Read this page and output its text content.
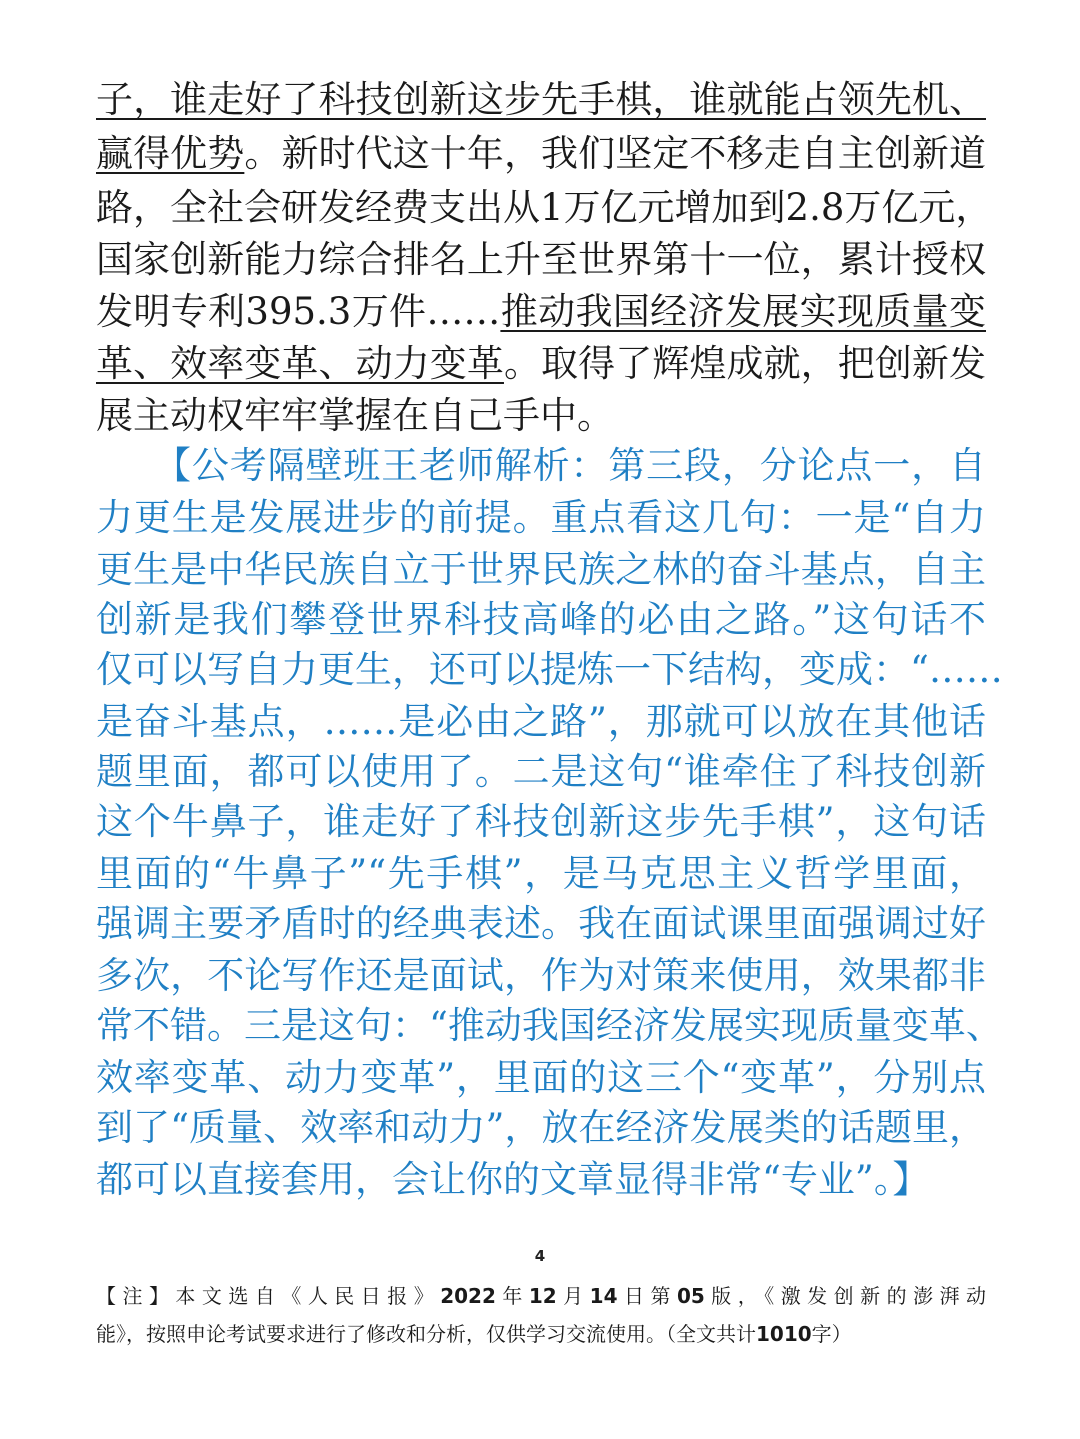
子，谁走好了科技创新这步先手棋，谁就能占领先机、

赢得优势。新时代这十年，我们坚定不移走自主创新道

路，全社会研发经费支出从1万亿元增加到2.8万亿元，

国家创新能力综合排名上升至世界第十一位，累计授权

发明专利395.3万件……推动我国经济发展实现质量变

革、效率变革、动力变革。取得了辉煌成就，把创新发

展主动权牢牢掌握在自己手中。

【公考隔壁班王老师解析：第三段，分论点一，自

力更生是发展进步的前提。重点看这几句：一是“自力

更生是中华民族自立于世界民族之林的奋斗基点，自主

创新是我们攀登世界科技高峰的必由之路。”这句话不

仅可以写自力更生，还可以提炼一下结构，变成：“……

是奋斗基点，……是必由之路”，那就可以放在其他话

题里面，都可以使用了。二是这句“谁牵住了科技创新

这个牛鼻子，谁走好了科技创新这步先手棋”，这句话

里面的“牛鼻子”“先手棋”，是马克思主义哲学里面，

强调主要矛盾时的经典表述。我在面试课里面强调过好

多次，不论写作还是面试，作为对策来使用，效果都非

常不错。三是这句：“推动我国经济发展实现质量变革、

效率变革、动力变革”，里面的这三个“变革”，分别点

到了“质量、效率和动力”，放在经济发展类的话题里，

都可以直接套用，会让你的文章显得非常“专业”。】

4

【注】本文选自《人民日报》2022年12月14日第05版，《激发创新的澎湃动

能》，按照申论考试要求进行了修改和分析，仅供学习交流使用。（全文共计1010字）
